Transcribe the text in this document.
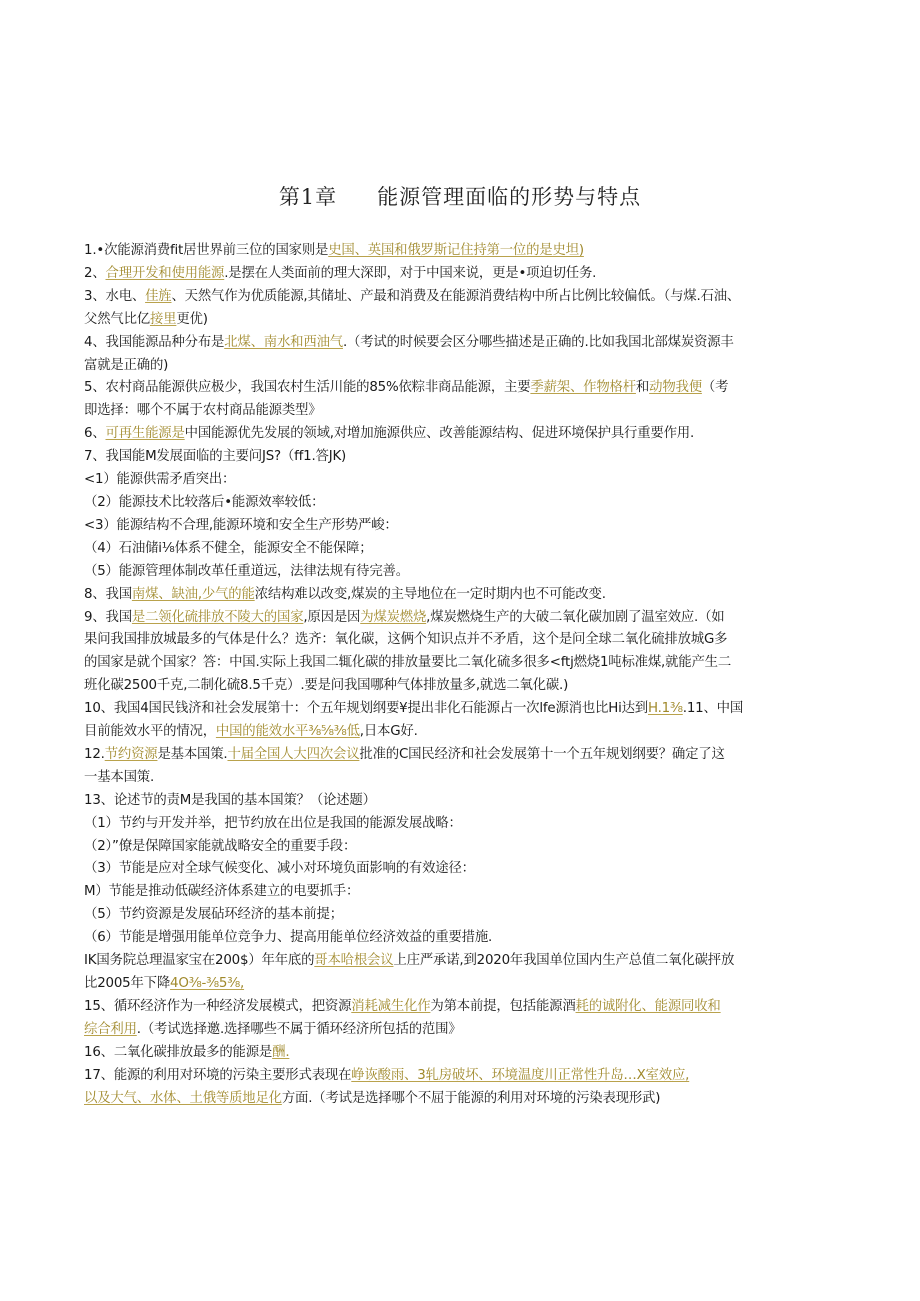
第1章 能源管理面临的形势与特点

1.•次能源消费fit居世界前三位的国家则是史国、英国和俄罗斯记住持第一位的是史坦)

2、合理开发和使用能源.是摆在人类面前的理大深即，对于中国来说，更是•项迫切任务.

3、水电、佳旌、天然气作为优质能源,其储址、产最和消费及在能源消费结构中所占比例比较偏低。（与煤.石油、

父然气比亿接里更优)

4、我国能源品种分布是北煤、南水和西油气.（考试的时候要会区分哪些描述是正确的.比如我国北部煤炭资源丰

富就是正确的)

5、农村商品能源供应极少，我国农村生活川能的85%依粽非商品能源，主要季薪架、作物格杆和动物我便（考

即选择：哪个不属于农村商品能源类型》

6、可再生能源是中国能源优先发展的领域,对增加施源供应、改善能源结构、促进环境保护具行重要作用.

7、我国能M发展面临的主要问JS?（ff1.答JK)

<1）能源供需矛盾突出：

（2）能源技术比较落后•能源效率较低：

<3）能源结构不合理,能源环境和安全生产形势严峻：

（4）石油储i⅛体系不健全，能源安全不能保障；

（5）能源管理体制改革任重道远，法律法规有待完善。

8、我国南煤、缺油,少气的能浓结构难以改变,煤炭的主导地位在一定时期内也不可能改变.

9、我国是二领化硫排放不陵大的国家,原因是因为煤炭燃烧,煤炭燃烧生产的大破二氧化碳加剧了温室效应.（如

果问我国排放城最多的气体是什么？选齐：氧化碳，这俩个知识点并不矛盾，这个是问全球二氧化硫排放城G多

的国家是就个国家？答：中国.实际上我国二辄化碳的排放量要比二氧化硫多很多<ftj燃烧1吨标准煤,就能产生二

班化碳2500千克,二制化硫8.5千克）.要是问我国哪种气体排放量多,就选二氧化碳.)

10、我国4国民钱济和社会发展第十：个五年规划纲要¥提出非化石能源占一次lfe源消也比Hi达到H.1⅜.11、中国

目前能效水平的情况，中国的能效水平⅜⅝⅜低,日本G好.

12.节约资源是基本国策.十届全国人大四次会议批准的C国民经济和社会发展第十一个五年规划纲要？确定了这

一基本国策.

13、论述节的责M是我国的基本国策？（论述题）

（1）节约与开发并举，把节约放在出位是我国的能源发展战略：

（2）”僚是保障国家能就战略安全的重要手段：

（3）节能是应对全球气候变化、减小对环境负面影响的有效途径：

M）节能是推动低碳经济体系建立的电要抓手：

（5）节约资源是发展砧环经济的基本前提；

（6）节能是增强用能单位竞争力、提高用能单位经济效益的重要措施.

IK国务院总理温家宝在200$）年年底的哥本哈根会议上庄严承诺,到2020年我国单位国内生产总值二氧化碳抨放

比2005年下降4O⅜-⅜5⅜,

15、循环经济作为一种经济发展模式，把资源消耗减生化作为第本前提，包括能源酒耗的诚附化、能源同收和

综合利用.（考试选择邀.选择哪些不属于循环经济所包括的范围》

16、二氧化碳排放最多的能源是酬.

17、能源的利用对环境的污染主要形式表现在峥诙酸雨、3轧房破坏、环境温度川正常性升岛…X室效应,

以及大气、水体、土俄等质地足化方面.（考试是选择哪个不屈于能源的利用对环境的污染表现形武)
